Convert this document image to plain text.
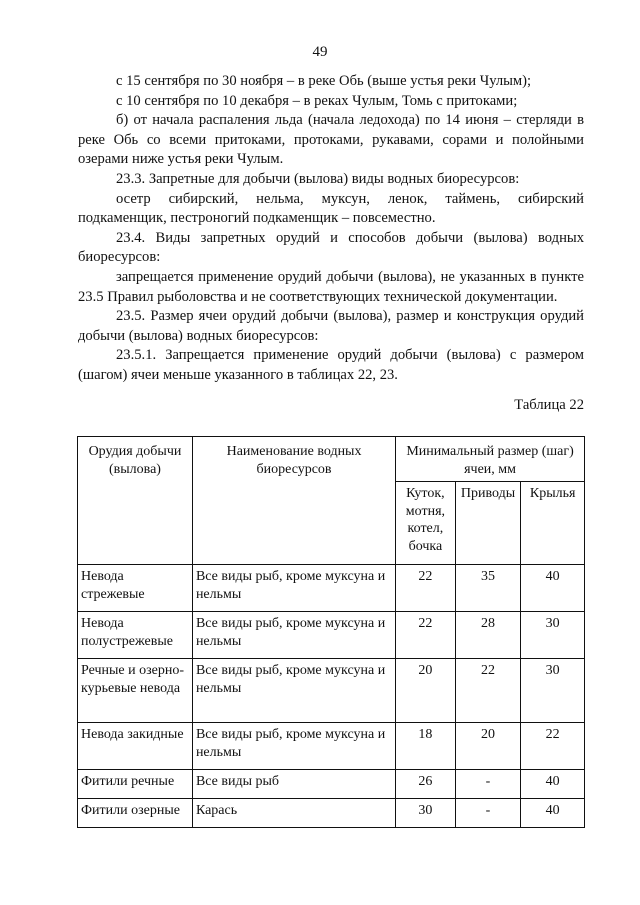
49

с 15 сентября по 30 ноября – в реке Обь (выше устья реки Чулым);

с 10 сентября по 10 декабря – в реках Чулым, Томь с притоками;

б) от начала распаления льда (начала ледохода) по 14 июня – стерляди в реке Обь со всеми притоками, протоками, рукавами, сорами и полойными озерами ниже устья реки Чулым.

23.3. Запретные для добычи (вылова) виды водных биоресурсов:

осетр сибирский, нельма, муксун, ленок, таймень, сибирский подкаменщик, пестроногий подкаменщик – повсеместно.

23.4. Виды запретных орудий и способов добычи (вылова) водных биоресурсов:

запрещается применение орудий добычи (вылова), не указанных в пункте 23.5 Правил рыболовства и не соответствующих технической документации.

23.5. Размер ячеи орудий добычи (вылова), размер и конструкция орудий добычи (вылова) водных биоресурсов:

23.5.1. Запрещается применение орудий добычи (вылова) с размером (шагом) ячеи меньше указанного в таблицах 22, 23.

Таблица 22
Орудия добычи (вылова)	Наименование водных биоресурсов	Минимальный размер (шаг) ячеи, мм		
		Куток, мотня, котел, бочка	Приводы	Крылья
Невода стрежевые	Все виды рыб, кроме муксуна и нельмы	22	35	40
Невода полустрежевые	Все виды рыб, кроме муксуна и нельмы	22	28	30
Речные и озерно-курьевые невода	Все виды рыб, кроме муксуна и нельмы	20	22	30
Невода закидные	Все виды рыб, кроме муксуна и нельмы	18	20	22
Фитили речные	Все виды рыб	26	-	40
Фитили озерные	Карась	30	-	40
